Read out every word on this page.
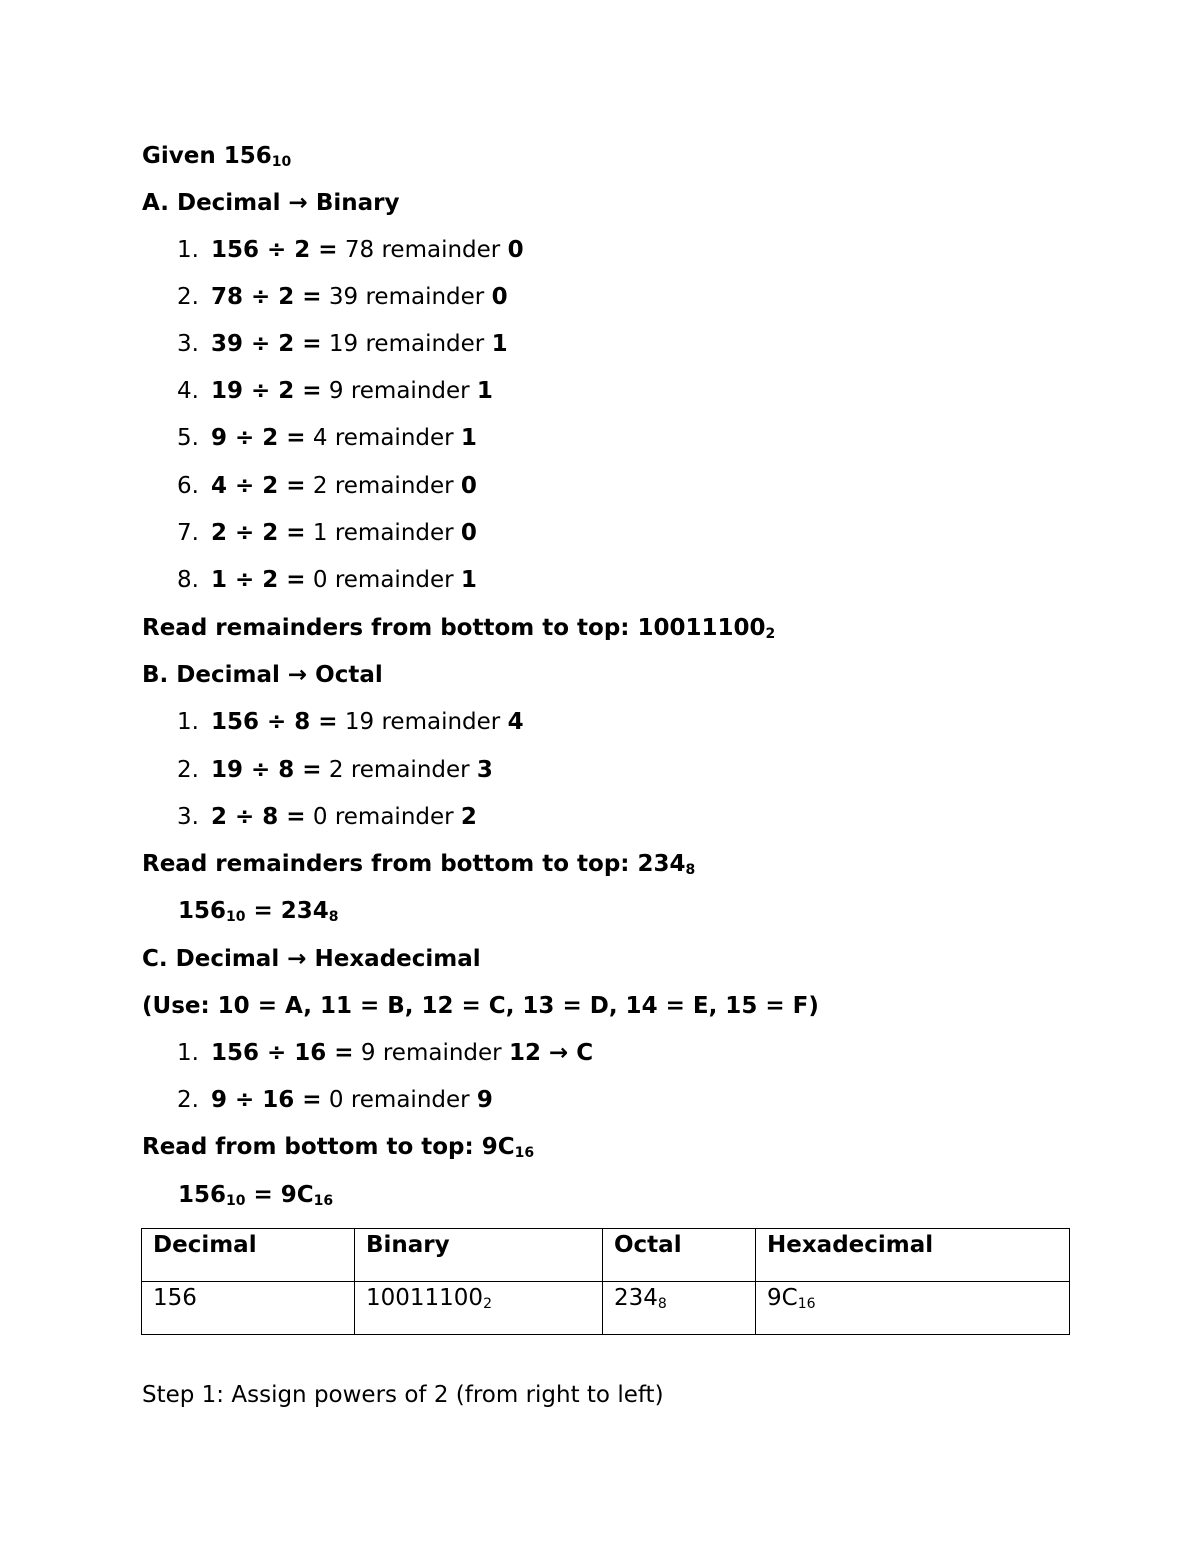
Given $156_{10}$
A. Decimal → Binary
1. 156 ÷ 2 = 78 remainder 0
2. 78 ÷ 2 = 39 remainder 0
3. 39 ÷ 2 = 19 remainder 1
4. 19 ÷ 2 = 9 remainder 1
5. 9 ÷ 2 = 4 remainder 1
6. 4 ÷ 2 = 2 remainder 0
7. 2 ÷ 2 = 1 remainder 0
8. 1 ÷ 2 = 0 remainder 1
Read remainders from bottom to top: $10011100_2$
B. Decimal → Octal
1. 156 ÷ 8 = 19 remainder 4
2. 19 ÷ 8 = 2 remainder 3
3. 2 ÷ 8 = 0 remainder 2
Read remainders from bottom to top: $234_8$
$156_{10} = 234_8$
C. Decimal → Hexadecimal
(Use: 10 = A, 11 = B, 12 = C, 13 = D, 14 = E, 15 = F)
1. 156 ÷ 16 = 9 remainder 12 → C
2. 9 ÷ 16 = 0 remainder 9
Read from bottom to top: $9C_{16}$
$156_{10} = 9C_{16}$
Decimal	Binary	Octal	Hexadecimal
156	$10011100_2$	$234_8$	$9C_{16}$
Step 1: Assign powers of 2 (from right to left)
